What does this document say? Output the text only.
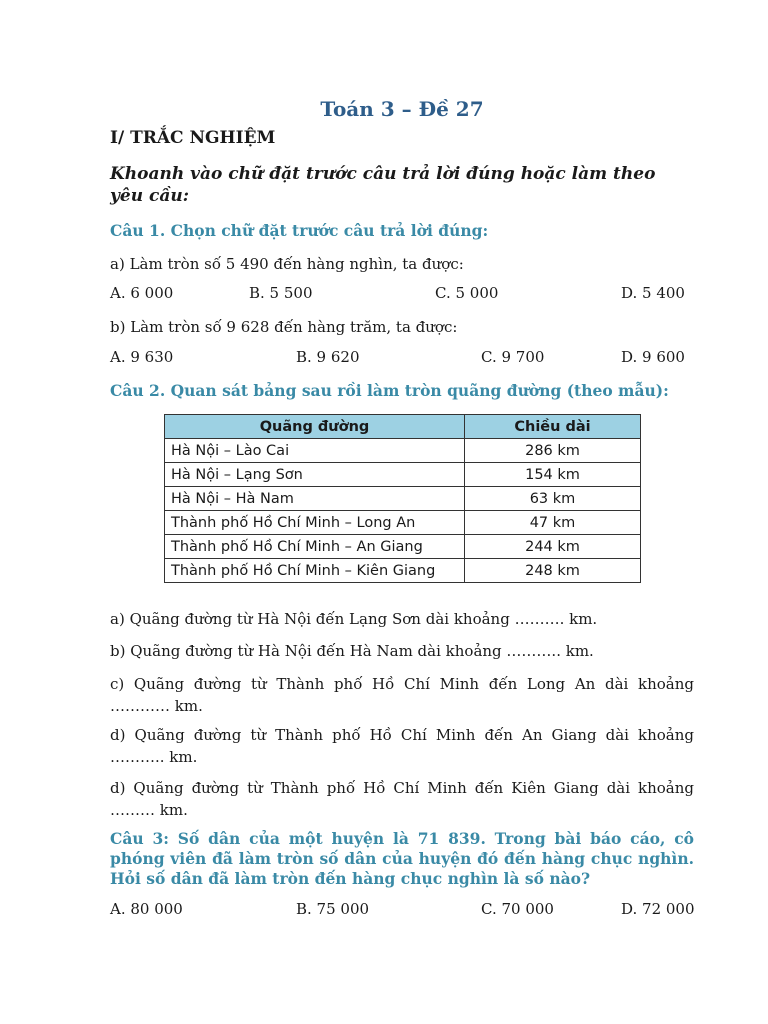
Toán 3 – Đề 27
I/ TRẮC NGHIỆM
Khoanh vào chữ đặt trước câu trả lời đúng hoặc làm theo yêu cầu:
Câu 1. Chọn chữ đặt trước câu trả lời đúng:
a) Làm tròn số 5 490 đến hàng nghìn, ta được:
A. 6 000	B. 5 500	C. 5 000	D. 5 400
b) Làm tròn số 9 628 đến hàng trăm, ta được:
A. 9 630	B. 9 620	C. 9 700	D. 9 600
Câu 2. Quan sát bảng sau rồi làm tròn quãng đường (theo mẫu):
Quãng đường	Chiều dài
Hà Nội – Lào Cai	286 km
Hà Nội – Lạng Sơn	154 km
Hà Nội – Hà Nam	63 km
Thành phố Hồ Chí Minh – Long An	47 km
Thành phố Hồ Chí Minh – An Giang	244 km
Thành phố Hồ Chí Minh – Kiên Giang	248 km
a) Quãng đường từ Hà Nội đến Lạng Sơn dài khoảng ………. km.
b) Quãng đường từ Hà Nội đến Hà Nam dài khoảng ……….. km.
c) Quãng đường từ Thành phố Hồ Chí Minh đến Long An dài khoảng ………… km.
d) Quãng đường từ Thành phố Hồ Chí Minh đến An Giang dài khoảng ……….. km.
d) Quãng đường từ Thành phố Hồ Chí Minh đến Kiên Giang dài khoảng ……… km.
Câu 3: Số dân của một huyện là 71 839. Trong bài báo cáo, cô phóng viên đã làm tròn số dân của huyện đó đến hàng chục nghìn. Hỏi số dân đã làm tròn đến hàng chục nghìn là số nào?
A. 80 000	B. 75 000	C. 70 000	D. 72 000
